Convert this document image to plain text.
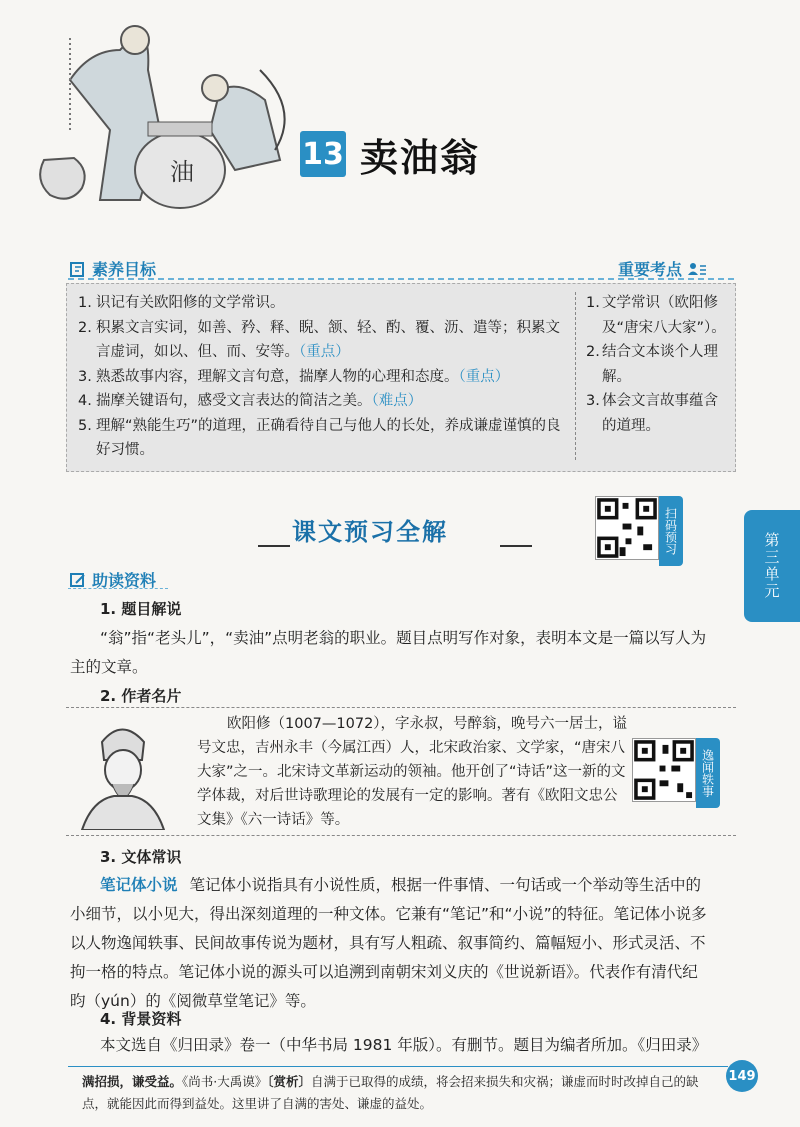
油
13 卖油翁
素养目标	重要考点
1. 识记有关欧阳修的文学常识。
2. 积累文言实词，如善、矜、释、睨、颔、轻、酌、覆、沥、遣等；积累文言虚词，如以、但、而、安等。（重点）
3. 熟悉故事内容，理解文言句意，揣摩人物的心理和态度。（重点）
4. 揣摩关键语句，感受文言表达的简洁之美。（难点）
5. 理解“熟能生巧”的道理，正确看待自己与他人的长处，养成谦虚谨慎的良好习惯。
1. 文学常识（欧阳修及“唐宋八大家”）。
2. 结合文本谈个人理解。
3. 体会文言故事蕴含的道理。
课文预习全解	扫码预习
第三单元
助读资料
1. 题目解说
“翁”指“老头儿”，“卖油”点明老翁的职业。题目点明写作对象，表明本文是一篇以写人为主的文章。
2. 作者名片
欧阳修（1007—1072），字永叔，号醉翁，晚号六一居士，谥号文忠，吉州永丰（今属江西）人，北宋政治家、文学家，“唐宋八大家”之一。北宋诗文革新运动的领袖。他开创了“诗话”这一新的文学体裁，对后世诗歌理论的发展有一定的影响。著有《欧阳文忠公文集》《六一诗话》等。
逸闻轶事
3. 文体常识
笔记体小说 笔记体小说指具有小说性质，根据一件事情、一句话或一个举动等生活中的小细节，以小见大，得出深刻道理的一种文体。它兼有“笔记”和“小说”的特征。笔记体小说多以人物逸闻轶事、民间故事传说为题材，具有写人粗疏、叙事简约、篇幅短小、形式灵活、不拘一格的特点。笔记体小说的源头可以追溯到南朝宋刘义庆的《世说新语》。代表作有清代纪昀（yún）的《阅微草堂笔记》等。
4. 背景资料
本文选自《归田录》卷一（中华书局 1981 年版）。有删节。题目为编者所加。《归田录》
满招损，谦受益。《尚书·大禹谟》〔赏析〕自满于已取得的成绩，将会招来损失和灾祸；谦虚而时时改掉自己的缺点，就能因此而得到益处。这里讲了自满的害处、谦虚的益处。
149
